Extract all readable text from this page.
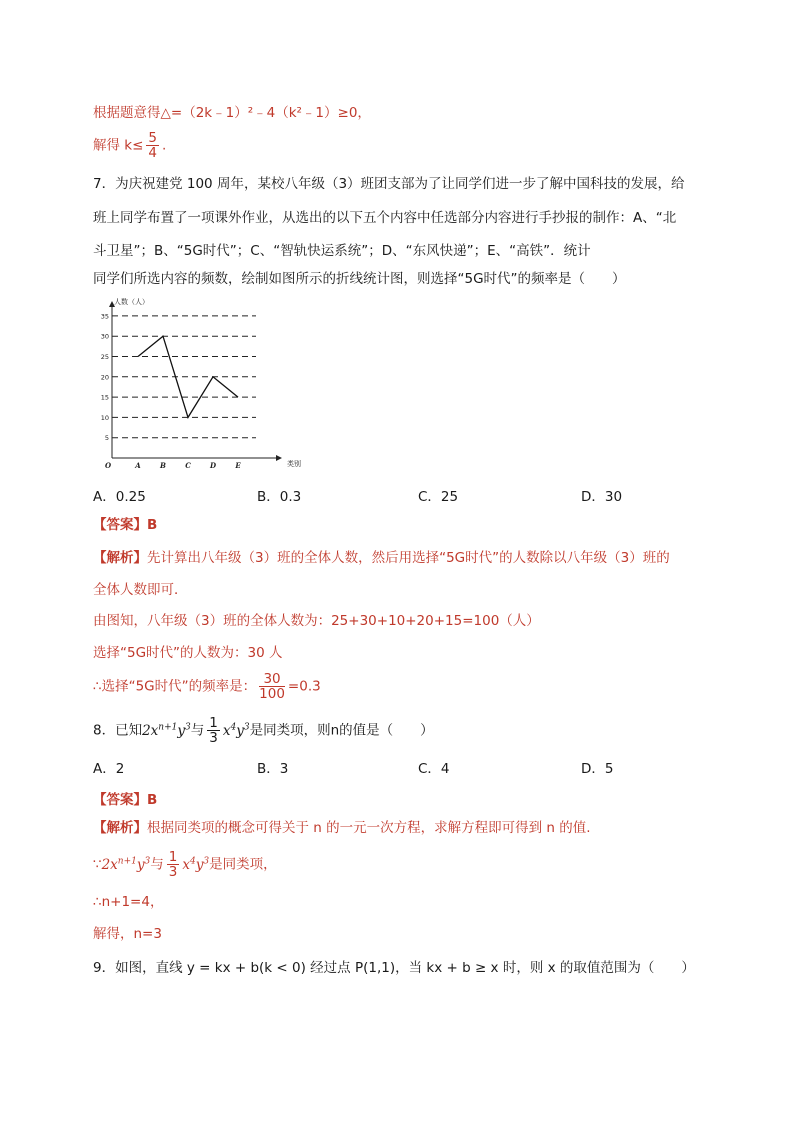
根据题意得△=（2k﹣1）²﹣4（k²﹣1）≥0，
解得 $k\le \frac{5}{4}$ .
7．为庆祝建党 100 周年，某校八年级（3）班团支部为了让同学们进一步了解中国科技的发展，给
班上同学布置了一项课外作业，从选出的以下五个内容中任选部分内容进行手抄报的制作：A、“北
斗卫星”；B、“5G时代”；C、“智轨快运系统”；D、“东风快递”；E、“高铁”．统计
同学们所选内容的频数，绘制如图所示的折线统计图，则选择“5G时代”的频率是（　　）
人数（人）
类别
O
5
10
15
20
25
30
35
A	B	C	D	E
A．0.25	B．0.3	C．25	D．30
【答案】B
【解析】先计算出八年级（3）班的全体人数，然后用选择“5G时代”的人数除以八年级（3）班的
全体人数即可．
由图知，八年级（3）班的全体人数为：25+30+10+20+15=100（人）
选择“5G时代”的人数为：30 人
∴选择“5G时代”的频率是： $\frac{30}{100} =0.3$
8．已知$2x^{n+1}y^3$与 $\frac{1}{3} x^4y^3$是同类项，则n的值是（　　）
A．2	B．3	C．4	D．5
【答案】B
【解析】根据同类项的概念可得关于 n 的一元一次方程，求解方程即可得到 n 的值.
$\because 2x^{n+1}y^3$与 $\frac{1}{3} x^4y^3$是同类项，
∴n+1=4，
解得，n=3
9．如图，直线 y = kx + b(k < 0) 经过点 P(1,1)，当 kx + b ≥ x 时，则 x 的取值范围为（　　）
